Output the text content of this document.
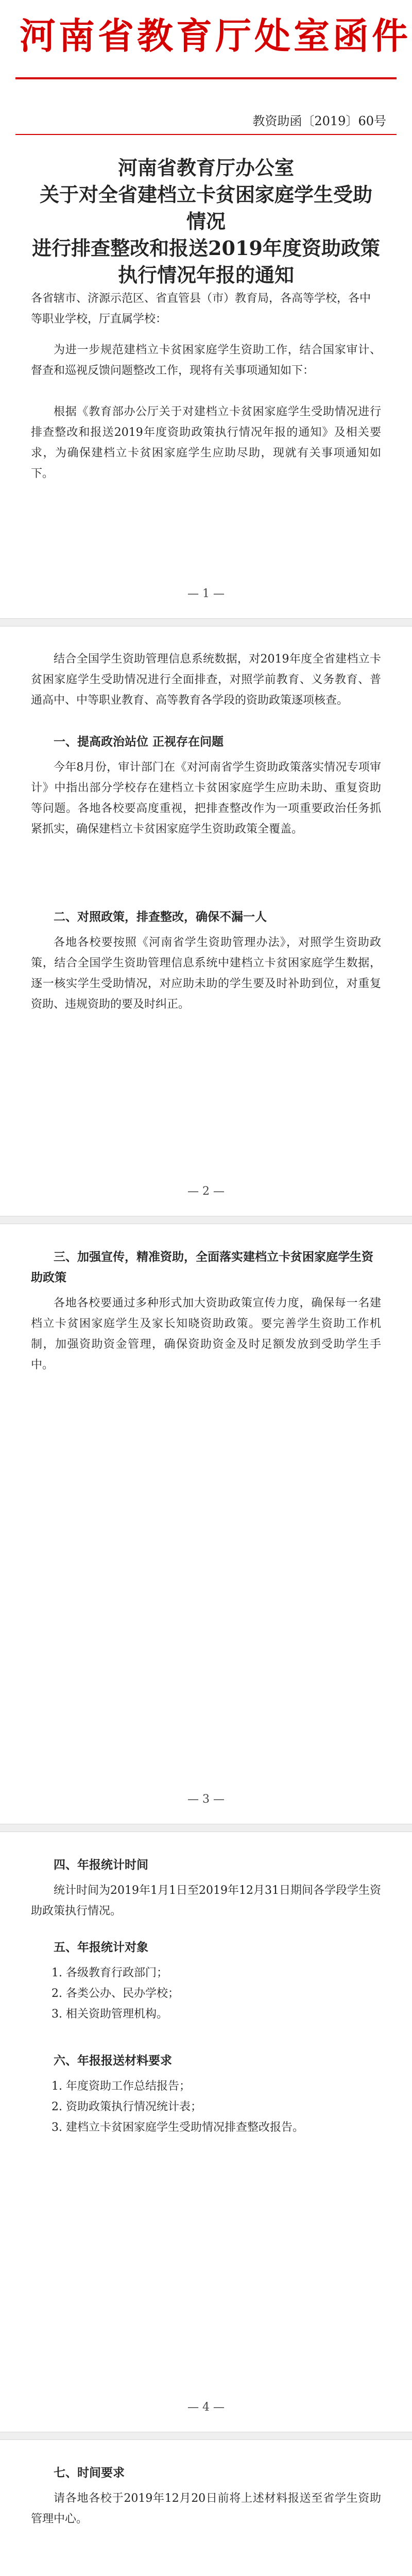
河南省教育厅处室函件
教资助函〔2019〕60号
河南省教育厅办公室
关于对全省建档立卡贫困家庭学生受助情况
进行排查整改和报送2019年度资助政策
执行情况年报的通知
各省辖市、济源示范区、省直管县（市）教育局，各高等学校，各中等职业学校，厅直属学校：
为进一步规范建档立卡贫困家庭学生资助工作，结合国家审计、督查和巡视反馈问题整改工作，现将有关事项通知如下：
根据《教育部办公厅关于对建档立卡贫困家庭学生受助情况进行排查整改和报送2019年度资助政策执行情况年报的通知》及相关要求，为确保建档立卡贫困家庭学生应助尽助，现就有关事项通知如下。
— 1 —
结合全国学生资助管理信息系统数据，对2019年度全省建档立卡贫困家庭学生受助情况进行全面排查，对照学前教育、义务教育、普通高中、中等职业教育、高等教育各学段的资助政策逐项核查。
一、提高政治站位 正视存在问题
今年8月份，审计部门在《对河南省学生资助政策落实情况专项审计》中指出部分学校存在建档立卡贫困家庭学生应助未助、重复资助等问题。各地各校要高度重视，把排查整改作为一项重要政治任务抓紧抓实，确保建档立卡贫困家庭学生资助政策全覆盖。
二、对照政策，排查整改，确保不漏一人
各地各校要按照《河南省学生资助管理办法》，对照学生资助政策，结合全国学生资助管理信息系统中建档立卡贫困家庭学生数据，逐一核实学生受助情况，对应助未助的学生要及时补助到位，对重复资助、违规资助的要及时纠正。
— 2 —
三、加强宣传，精准资助，全面落实建档立卡贫困家庭学生资助政策
各地各校要通过多种形式加大资助政策宣传力度，确保每一名建档立卡贫困家庭学生及家长知晓资助政策。要完善学生资助工作机制，加强资助资金管理，确保资助资金及时足额发放到受助学生手中。
— 3 —
四、年报统计时间
统计时间为2019年1月1日至2019年12月31日期间各学段学生资助政策执行情况。
五、年报统计对象
1. 各级教育行政部门；
2. 各类公办、民办学校；
3. 相关资助管理机构。
六、年报报送材料要求
1. 年度资助工作总结报告；
2. 资助政策执行情况统计表；
3. 建档立卡贫困家庭学生受助情况排查整改报告。
— 4 —
七、时间要求
请各地各校于2019年12月20日前将上述材料报送至省学生资助管理中心。
